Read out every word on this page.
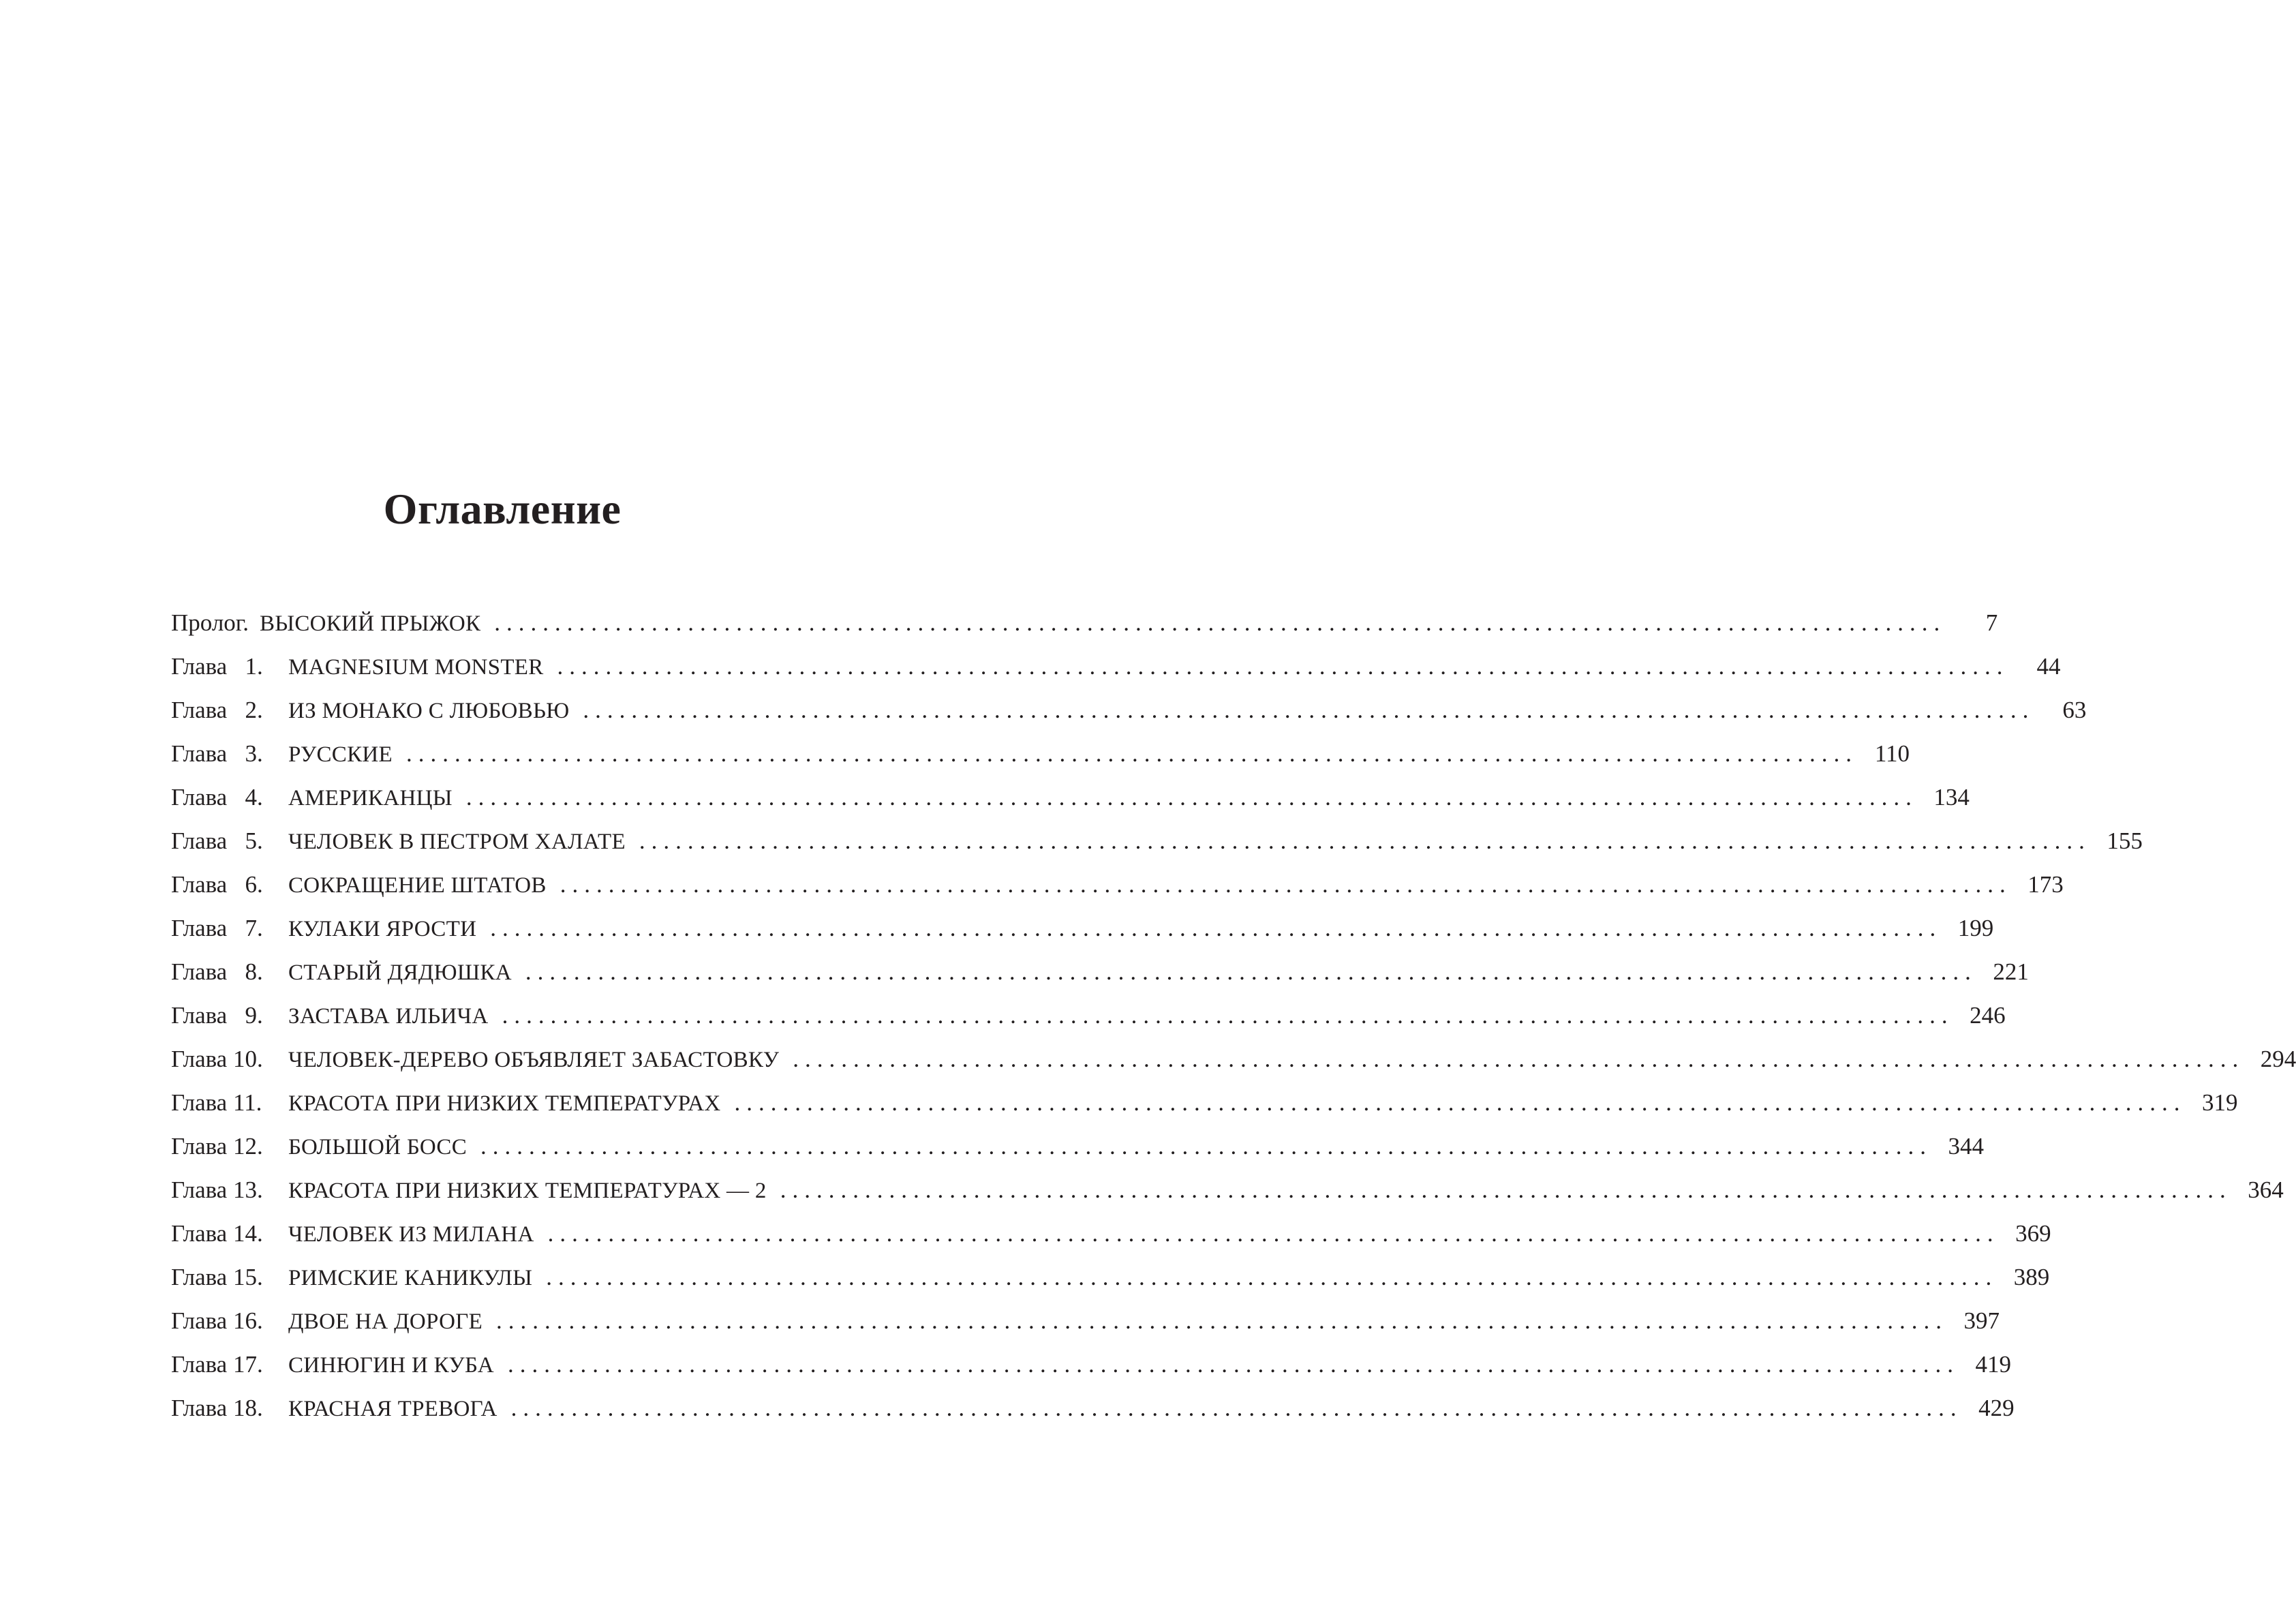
Оглавление
Пролог. ВЫСОКИЙ ПРЫЖОК ........................................................................................................................	7
Глава   1.	MAGNESIUM MONSTER ........................................................................................................................	44
Глава   2.	ИЗ МОНАКО С ЛЮБОВЬЮ ........................................................................................................................	63
Глава   3.	РУССКИЕ ........................................................................................................................ 110
Глава   4.	АМЕРИКАНЦЫ ........................................................................................................................ 134
Глава   5.	ЧЕЛОВЕК В ПЕСТРОМ ХАЛАТЕ ........................................................................................................................ 155
Глава   6.	СОКРАЩЕНИЕ ШТАТОВ ........................................................................................................................ 173
Глава   7.	КУЛАКИ ЯРОСТИ ........................................................................................................................ 199
Глава   8.	СТАРЫЙ ДЯДЮШКА ........................................................................................................................ 221
Глава   9.	ЗАСТАВА ИЛЬИЧА ........................................................................................................................ 246
Глава 10.	ЧЕЛОВЕК-ДЕРЕВО ОБЪЯВЛЯЕТ ЗАБАСТОВКУ ........................................................................................................................ 294
Глава 11.	КРАСОТА ПРИ НИЗКИХ ТЕМПЕРАТУРАХ ........................................................................................................................ 319
Глава 12.	БОЛЬШОЙ БОСС ........................................................................................................................ 344
Глава 13.	КРАСОТА ПРИ НИЗКИХ ТЕМПЕРАТУРАХ — 2 ........................................................................................................................ 364
Глава 14.	ЧЕЛОВЕК ИЗ МИЛАНА ........................................................................................................................ 369
Глава 15.	РИМСКИЕ КАНИКУЛЫ ........................................................................................................................ 389
Глава 16.	ДВОЕ НА ДОРОГЕ ........................................................................................................................ 397
Глава 17.	СИНЮГИН И КУБА ........................................................................................................................ 419
Глава 18.	КРАСНАЯ ТРЕВОГА ........................................................................................................................ 429
